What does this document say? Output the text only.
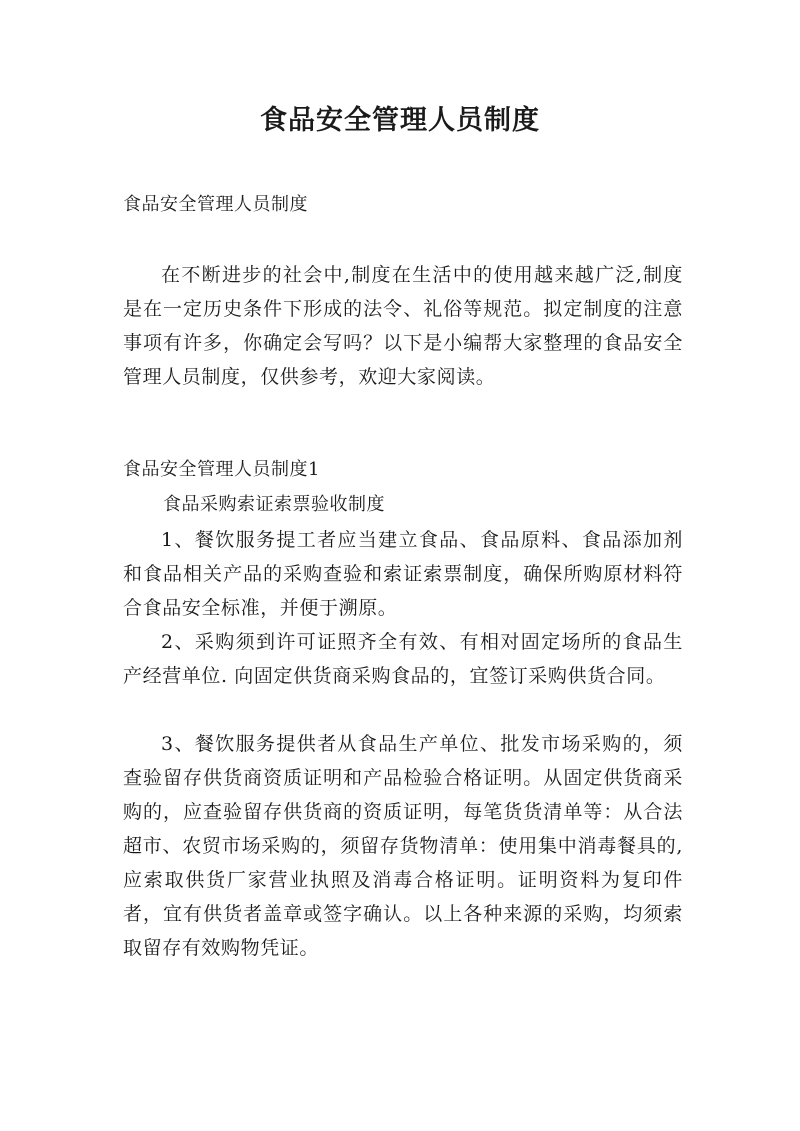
食品安全管理人员制度
食品安全管理人员制度

在不断进步的社会中,制度在生活中的使用越来越广泛,制度是在一定历史条件下形成的法令、礼俗等规范。拟定制度的注意事项有许多，你确定会写吗？以下是小编帮大家整理的食品安全管理人员制度，仅供参考，欢迎大家阅读。

食品安全管理人员制度1
食品采购索证索票验收制度

1、餐饮服务提工者应当建立食品、食品原料、食品添加剂和食品相关产品的采购查验和索证索票制度，确保所购原材料符合食品安全标准，并便于溯原。

2、采购须到许可证照齐全有效、有相对固定场所的食品生产经营单位. 向固定供货商采购食品的，宜签订采购供货合同。

3、餐饮服务提供者从食品生产单位、批发市场采购的，须查验留存供货商资质证明和产品检验合格证明。从固定供货商采购的，应查验留存供货商的资质证明，每笔货货清单等：从合法超市、农贸市场采购的，须留存货物清单：使用集中消毒餐具的,应索取供货厂家营业执照及消毒合格证明。证明资料为复印件者，宜有供货者盖章或签字确认。以上各种来源的采购，均须索取留存有效购物凭证。
